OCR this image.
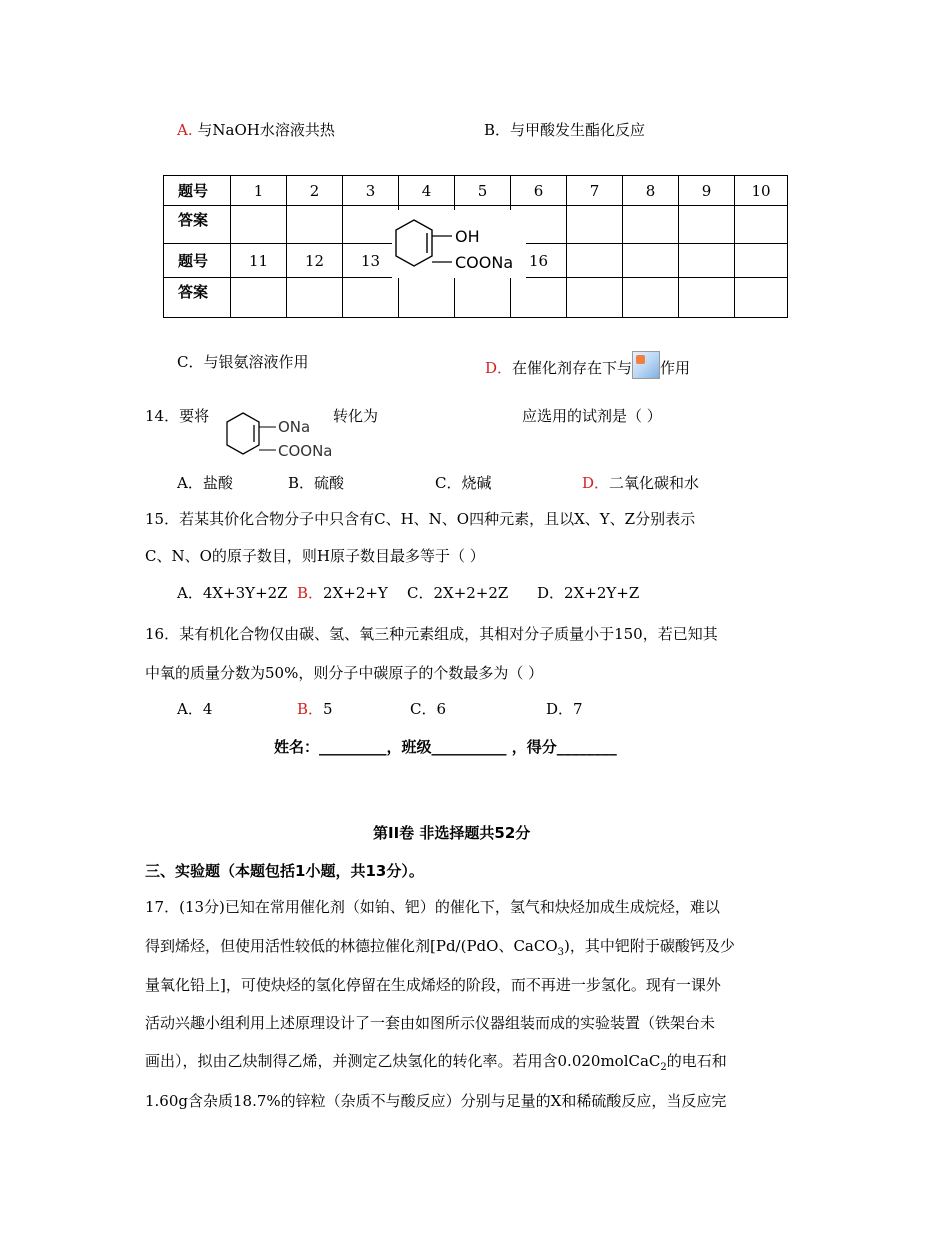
A. 与NaOH水溶液共热	B．与甲酸发生酯化反应
题号	1	2	3	4	5	6	7	8	9	10
答案										
题号	11	12	13			16				
答案										
OH
COONa
C．与银氨溶液作用	D．在催化剂存在下与 作用
14．要将
ONa
COONa
转化为	应选用的试剂是（ ）
A．盐酸	B．硫酸	C．烧碱	D．二氧化碳和水
15．若某其价化合物分子中只含有C、H、N、O四种元素，且以X、Y、Z分别表示
C、N、O的原子数目，则H原子数目最多等于（ ）
A．4X+3Y+2Z B．2X+2+Y C．2X+2+2Z D．2X+2Y+Z
16．某有机化合物仅由碳、氢、氧三种元素组成，其相对分子质量小于150，若已知其
中氧的质量分数为50%，则分子中碳原子的个数最多为（ ）
A．4	B．5	C．6	D．7
姓名：_________，班级__________ ，得分________
第II卷 非选择题共52分
三、实验题（本题包括1小题，共13分）。
17．(13分)已知在常用催化剂（如铂、钯）的催化下，氢气和炔烃加成生成烷烃，难以
得到烯烃，但使用活性较低的林德拉催化剂[Pd/(PdO、CaCO$_3$)，其中钯附于碳酸钙及少
量氧化铅上]，可使炔烃的氢化停留在生成烯烃的阶段，而不再进一步氢化。现有一课外
活动兴趣小组利用上述原理设计了一套由如图所示仪器组装而成的实验装置（铁架台未
画出），拟由乙炔制得乙烯，并测定乙炔氢化的转化率。若用含0.020molCaC$_2$的电石和
1.60g含杂质18.7%的锌粒（杂质不与酸反应）分别与足量的X和稀硫酸反应，当反应完
